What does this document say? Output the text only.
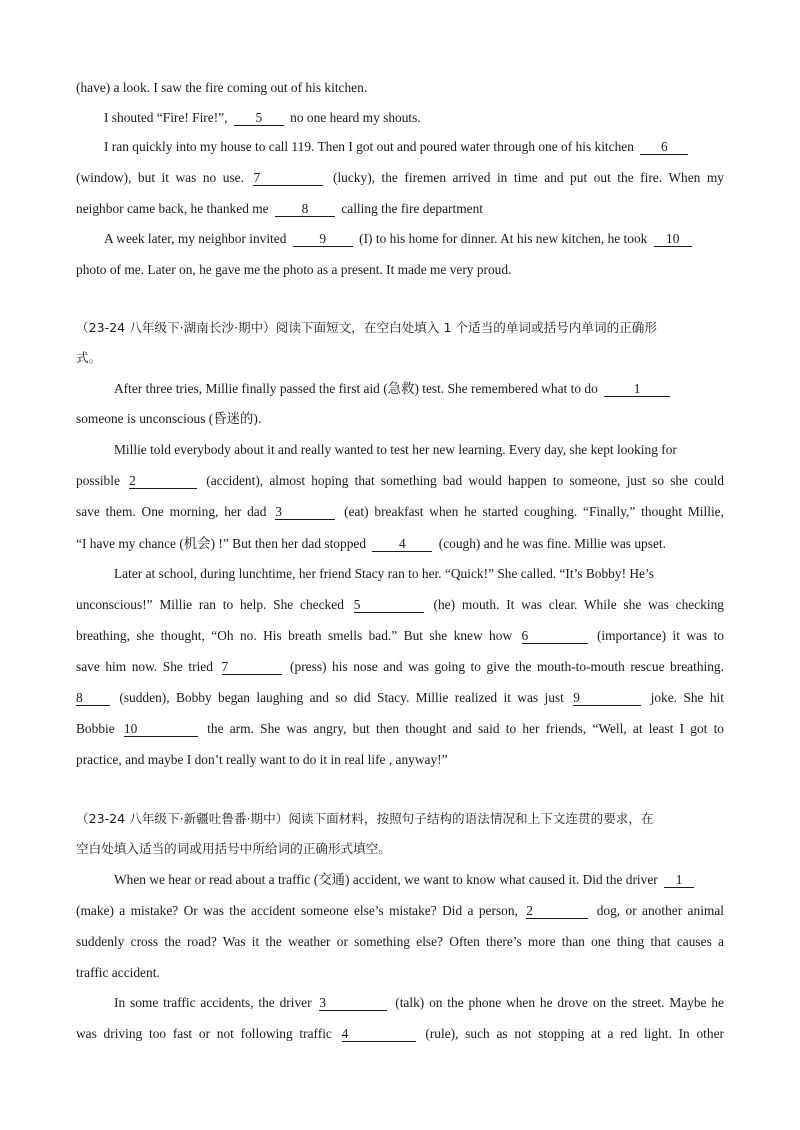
(have) a look. I saw the fire coming out of his kitchen.
I shouted “Fire! Fire!”, 5 no one heard my shouts.
I ran quickly into my house to call 119. Then I got out and poured water through one of his kitchen 6
(window), but it was no use. 7	(lucky), the firemen arrived in time and put out the fire. When my
neighbor came back, he thanked me 8 calling the fire department
A week later, my neighbor invited 9 (I) to his home for dinner. At his new kitchen, he took 10
photo of me. Later on, he gave me the photo as a present. It made me very proud.
（23-24 八年级下·湖南长沙·期中）阅读下面短文，在空白处填入 1 个适当的单词或括号内单词的正确形
式。
After three tries, Millie finally passed the first aid (急救) test. She remembered what to do	1
someone is unconscious (昏迷的).
Millie told everybody about it and really wanted to test her new learning. Every day, she kept looking for
possible 2	(accident), almost hoping that something bad would happen to someone, just so she could
save them. One morning, her dad 3	(eat) breakfast when he started coughing. “Finally,” thought Millie,
“I have my chance (机会) !” But then her dad stopped 4 (cough) and he was fine. Millie was upset.
Later at school, during lunchtime, her friend Stacy ran to her. “Quick!” She called. “It’s Bobby! He’s
unconscious!” Millie ran to help. She checked 5	(he) mouth. It was clear. While she was checking
breathing, she thought, “Oh no. His breath smells bad.” But she knew how 6	(importance) it was to
save him now. She tried 7	(press) his nose and was going to give the mouth-to-mouth rescue breathing.
8	(sudden), Bobby began laughing and so did Stacy. Millie realized it was just 9	joke. She hit
Bobbie 10	the arm. She was angry, but then thought and said to her friends, “Well, at least I got to
practice, and maybe I don’t really want to do it in real life , anyway!”
（23-24 八年级下·新疆吐鲁番·期中）阅读下面材料，按照句子结构的语法情况和上下文连贯的要求，在
空白处填入适当的词或用括号中所给词的正确形式填空。
When we hear or read about a traffic (交通) accident, we want to know what caused it. Did the driver 1
(make) a mistake? Or was the accident someone else’s mistake? Did a person, 2	dog, or another animal
suddenly cross the road? Was it the weather or something else? Often there’s more than one thing that causes a
traffic accident.
In some traffic accidents, the driver 3	(talk) on the phone when he drove on the street. Maybe he
was driving too fast or not following traffic 4	(rule), such as not stopping at a red light. In other
